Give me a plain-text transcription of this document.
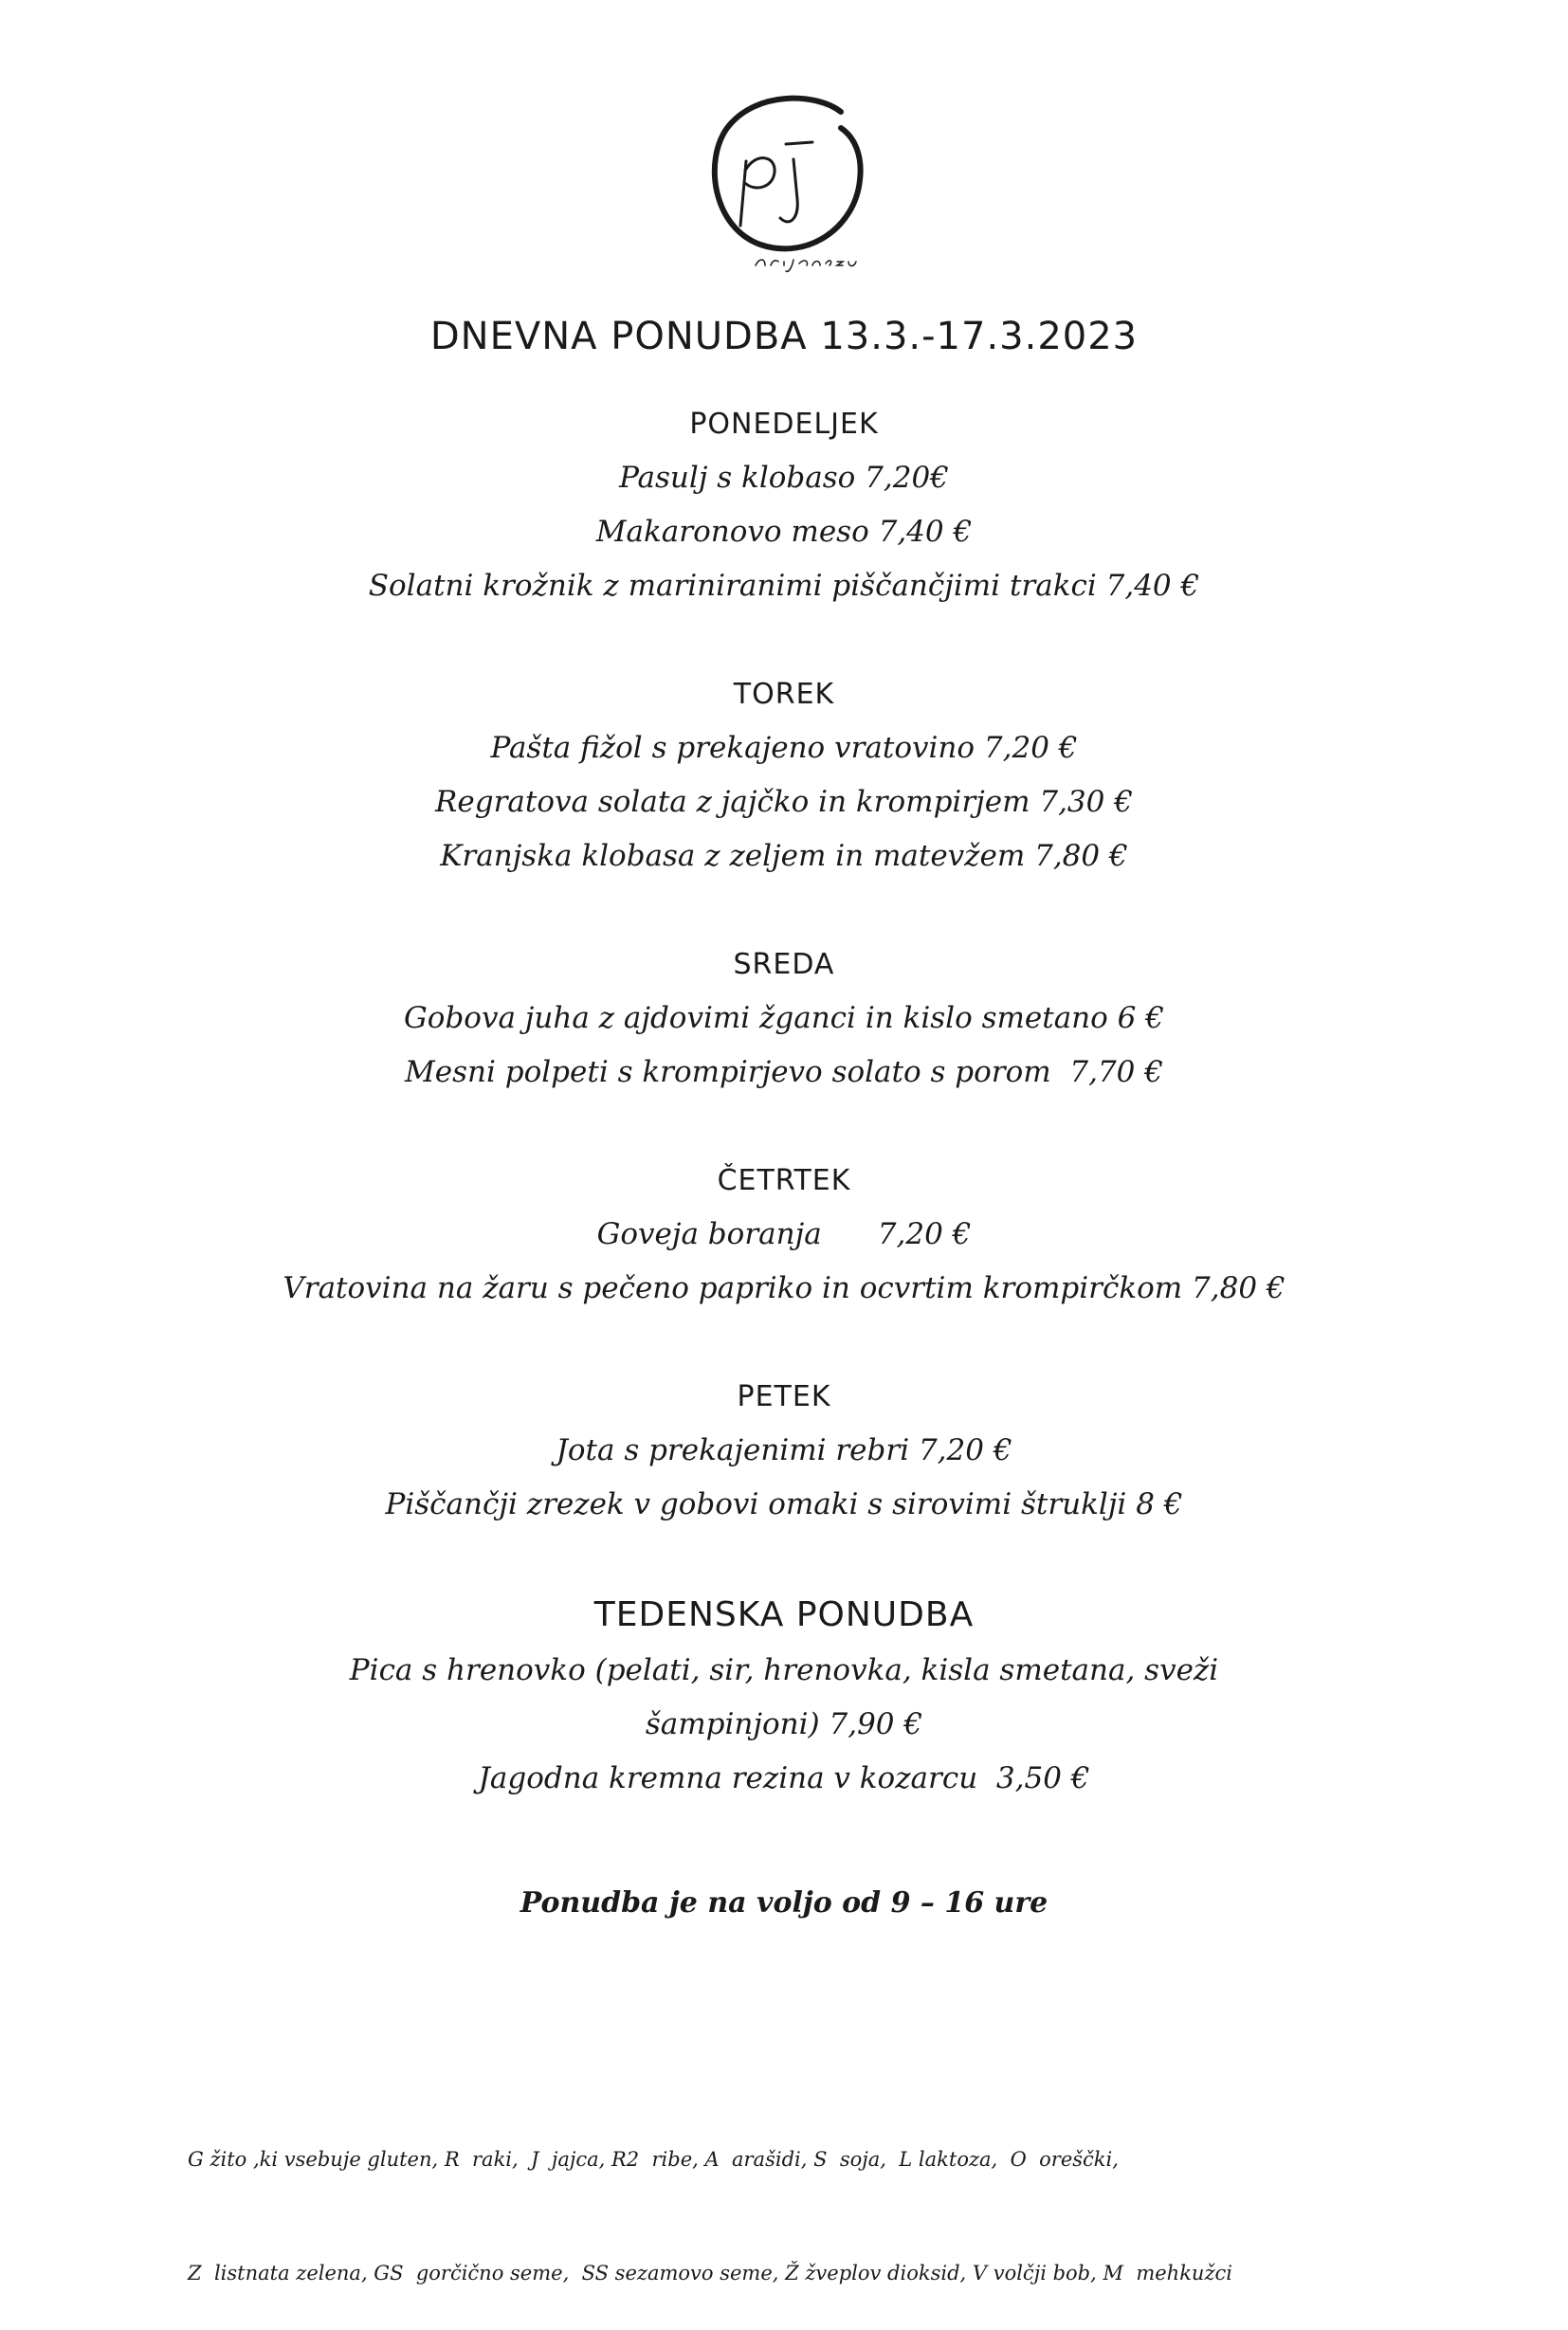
DNEVNA PONUDBA 13.3.-17.3.2023

PONEDELJEK

Pasulj s klobaso 7,20€

Makaronovo meso 7,40 €

Solatni krožnik z mariniranimi piščančjimi trakci 7,40 €

TOREK

Pašta fižol s prekajeno vratovino 7,20 €

Regratova solata z jajčko in krompirjem 7,30 €

Kranjska klobasa z zeljem in matevžem 7,80 €

SREDA

Gobova juha z ajdovimi žganci in kislo smetano 6 €

Mesni polpeti s krompirjevo solato s porom  7,70 €

ČETRTEK

Goveja boranja      7,20 €

Vratovina na žaru s pečeno papriko in ocvrtim krompirčkom 7,80 €

PETEK

Jota s prekajenimi rebri 7,20 €

Piščančji zrezek v gobovi omaki s sirovimi štruklji 8 €

TEDENSKA PONUDBA

Pica s hrenovko (pelati, sir, hrenovka, kisla smetana, sveži

šampinjoni) 7,90 €

Jagodna kremna rezina v kozarcu  3,50 €

Ponudba je na voljo od 9 – 16 ure

G žito ,ki vsebuje gluten, R  raki,  J  jajca, R2  ribe, A  arašidi, S  soja,  L laktoza,  O  oreščki,

Z  listnata zelena, GS  gorčično seme,  SS sezamovo seme, Ž žveplov dioksid, V volčji bob, M  mehkužci
